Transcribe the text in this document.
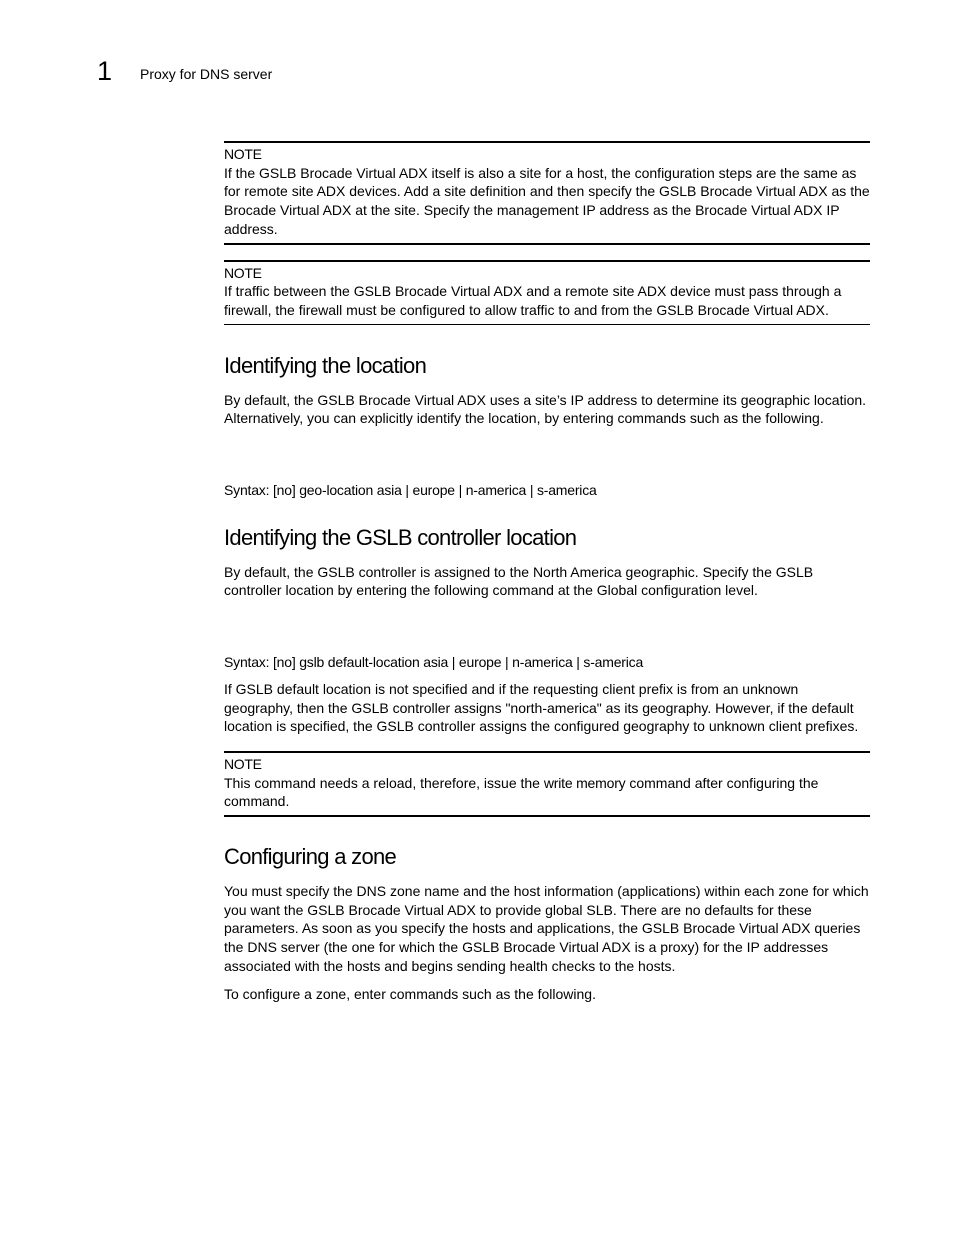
1 Proxy for DNS server
NOTE
If the GSLB Brocade Virtual ADX itself is also a site for a host, the configuration steps are the same as for remote site ADX devices. Add a site definition and then specify the GSLB Brocade Virtual ADX as the Brocade Virtual ADX at the site. Specify the management IP address as the Brocade Virtual ADX IP address.
NOTE
If traffic between the GSLB Brocade Virtual ADX and a remote site ADX device must pass through a firewall, the firewall must be configured to allow traffic to and from the GSLB Brocade Virtual ADX.
Identifying the location

By default, the GSLB Brocade Virtual ADX uses a site’s IP address to determine its geographic location. Alternatively, you can explicitly identify the location, by entering commands such as the following.

Syntax: [no] geo-location asia | europe | n-america | s-america

Identifying the GSLB controller location

By default, the GSLB controller is assigned to the North America geographic. Specify the GSLB controller location by entering the following command at the Global configuration level.

Syntax: [no] gslb default-location asia | europe | n-america | s-america

If GSLB default location is not specified and if the requesting client prefix is from an unknown geography, then the GSLB controller assigns "north-america" as its geography. However, if the default location is specified, the GSLB controller assigns the configured geography to unknown client prefixes.

NOTE
This command needs a reload, therefore, issue the write memory command after configuring the command.
Configuring a zone

You must specify the DNS zone name and the host information (applications) within each zone for which you want the GSLB Brocade Virtual ADX to provide global SLB. There are no defaults for these parameters. As soon as you specify the hosts and applications, the GSLB Brocade Virtual ADX queries the DNS server (the one for which the GSLB Brocade Virtual ADX is a proxy) for the IP addresses associated with the hosts and begins sending health checks to the hosts.

To configure a zone, enter commands such as the following.
